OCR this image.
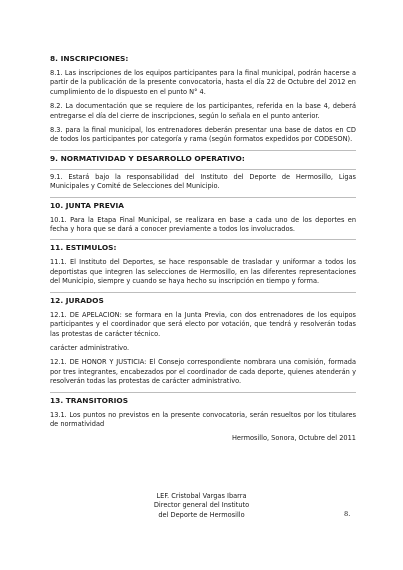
8. INSCRIPCIONES:
8.1. Las inscripciones de los equipos participantes para la final municipal, podrán hacerse a partir de la publicación de la presente convocatoria, hasta el día 22 de Octubre del 2012 en cumplimiento de lo dispuesto en el punto N° 4.
8.2. La documentación que se requiere de los participantes, referida en la base 4, deberá entregarse el día del cierre de inscripciones, según lo señala en el punto anterior.
8.3. para la final municipal, los entrenadores deberán presentar una base de datos en CD de todos los participantes por categoría y rama (según formatos expedidos por CODESON).
9. NORMATIVIDAD Y DESARROLLO OPERATIVO:
9.1. Estará bajo la responsabilidad del Instituto del Deporte de Hermosillo, Ligas Municipales y Comité de Selecciones del Municipio.
10. JUNTA PREVIA
10.1. Para la Etapa Final Municipal, se realizara en base a cada uno de los deportes en fecha y hora que se dará a conocer previamente a todos los involucrados.
11. ESTIMULOS:
11.1. El Instituto del Deportes, se hace responsable de trasladar y uniformar a todos los deportistas que integren las selecciones de Hermosillo, en las diferentes representaciones del Municipio, siempre y cuando se haya hecho su inscripción en tiempo y forma.
12. JURADOS
12.1. DE APELACION: se formara en la Junta Previa, con dos entrenadores de los equipos participantes y el coordinador que será electo por votación, que tendrá y resolverán todas las protestas de carácter técnico.
carácter administrativo.
12.1. DE HONOR Y JUSTICIA: El Consejo correspondiente nombrara una comisión, formada por tres integrantes, encabezados por el coordinador de cada deporte, quienes atenderán y resolverán todas las protestas de carácter administrativo.
13. TRANSITORIOS
13.1. Los puntos no previstos en la presente convocatoria, serán resueltos por los titulares de normatividad
Hermosillo, Sonora, Octubre del 2011
LEF. Cristobal Vargas Ibarra
Director general del Instituto
del Deporte de Hermosillo	8.
